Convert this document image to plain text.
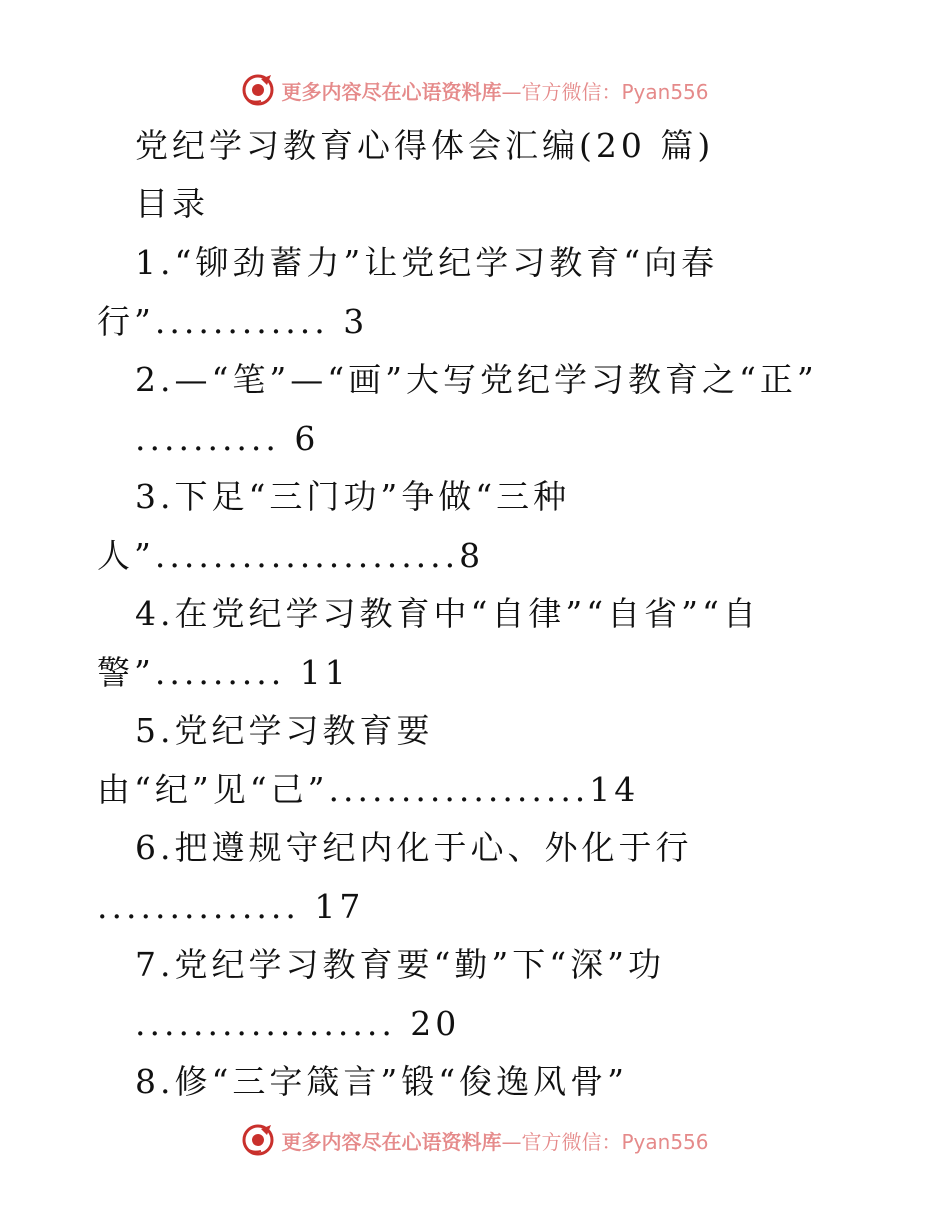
更多内容尽在心语资料库—官方微信：Pyan556
党纪学习教育心得体会汇编(20 篇)
目录
1.“铆劲蓄力”让党纪学习教育“向春
行”............ 3
2.—“笔”—“画”大写党纪学习教育之“正”
.......... 6
3.下足“三门功”争做“三种
人”.....................8
4.在党纪学习教育中“自律”“自省”“自
警”......... 11
5.党纪学习教育要
由“纪”见“己”..................14
6.把遵规守纪内化于心、外化于行
.............. 17
7.党纪学习教育要“勤”下“深”功
.................. 20
8.修“三字箴言”锻“俊逸风骨”
更多内容尽在心语资料库—官方微信：Pyan556
